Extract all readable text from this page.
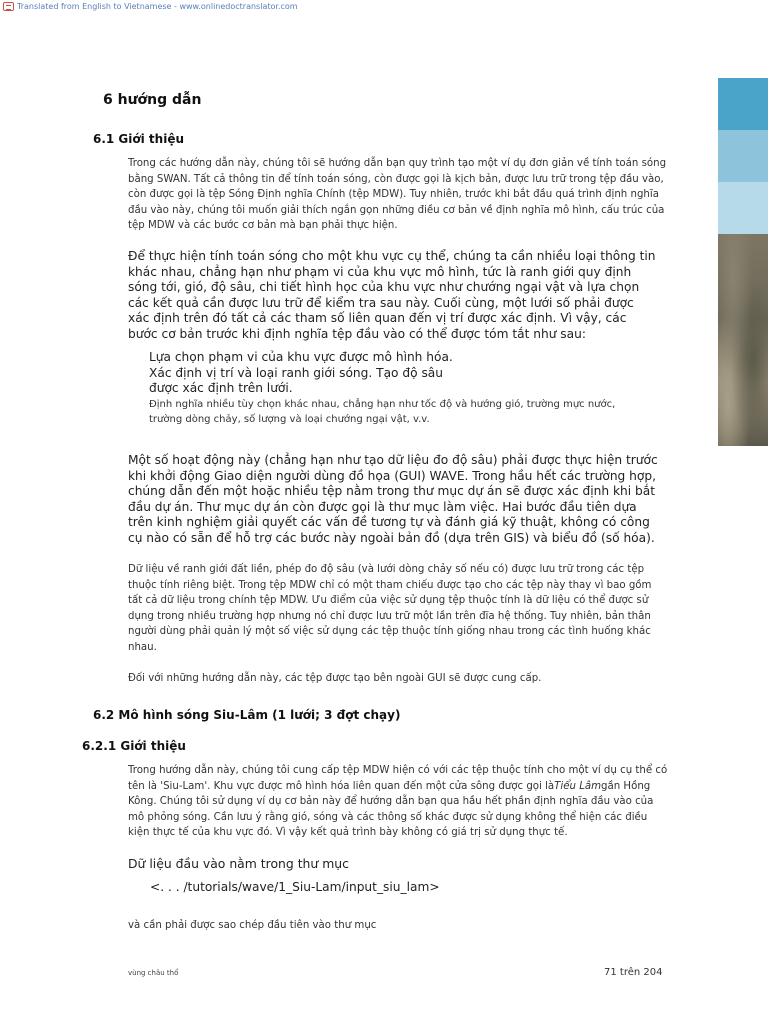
Translated from English to Vietnamese - www.onlinedoctranslator.com
6 hướng dẫn
6.1 Giới thiệu
Trong các hướng dẫn này, chúng tôi sẽ hướng dẫn bạn quy trình tạo một ví dụ đơn giản về tính toán sóng bằng SWAN. Tất cả thông tin để tính toán sóng, còn được gọi là kịch bản, được lưu trữ trong tệp đầu vào, còn được gọi là tệp Sóng Định nghĩa Chính (tệp MDW). Tuy nhiên, trước khi bắt đầu quá trình định nghĩa đầu vào này, chúng tôi muốn giải thích ngắn gọn những điều cơ bản về định nghĩa mô hình, cấu trúc của tệp MDW và các bước cơ bản mà bạn phải thực hiện.
Để thực hiện tính toán sóng cho một khu vực cụ thể, chúng ta cần nhiều loại thông tin khác nhau, chẳng hạn như phạm vi của khu vực mô hình, tức là ranh giới quy định sóng tới, gió, độ sâu, chi tiết hình học của khu vực như chướng ngại vật và lựa chọn các kết quả cần được lưu trữ để kiểm tra sau này. Cuối cùng, một lưới số phải được xác định trên đó tất cả các tham số liên quan đến vị trí được xác định. Vì vậy, các bước cơ bản trước khi định nghĩa tệp đầu vào có thể được tóm tắt như sau:
Lựa chọn phạm vi của khu vực được mô hình hóa.
Xác định vị trí và loại ranh giới sóng. Tạo độ sâu
được xác định trên lưới.
Định nghĩa nhiều tùy chọn khác nhau, chẳng hạn như tốc độ và hướng gió, trường mực nước, trường dòng chảy, số lượng và loại chướng ngại vật, v.v.
Một số hoạt động này (chẳng hạn như tạo dữ liệu đo độ sâu) phải được thực hiện trước khi khởi động Giao diện người dùng đồ họa (GUI) WAVE. Trong hầu hết các trường hợp, chúng dẫn đến một hoặc nhiều tệp nằm trong thư mục dự án sẽ được xác định khi bắt đầu dự án. Thư mục dự án còn được gọi là thư mục làm việc. Hai bước đầu tiên dựa trên kinh nghiệm giải quyết các vấn đề tương tự và đánh giá kỹ thuật, không có công cụ nào có sẵn để hỗ trợ các bước này ngoài bản đồ (dựa trên GIS) và biểu đồ (số hóa).
Dữ liệu về ranh giới đất liền, phép đo độ sâu (và lưới dòng chảy số nếu có) được lưu trữ trong các tệp thuộc tính riêng biệt. Trong tệp MDW chỉ có một tham chiếu được tạo cho các tệp này thay vì bao gồm tất cả dữ liệu trong chính tệp MDW. Ưu điểm của việc sử dụng tệp thuộc tính là dữ liệu có thể được sử dụng trong nhiều trường hợp nhưng nó chỉ được lưu trữ một lần trên đĩa hệ thống. Tuy nhiên, bản thân người dùng phải quản lý một số việc sử dụng các tệp thuộc tính giống nhau trong các tình huống khác nhau.
Đối với những hướng dẫn này, các tệp được tạo bên ngoài GUI sẽ được cung cấp.
6.2 Mô hình sóng Siu-Lâm (1 lưới; 3 đợt chạy)
6.2.1 Giới thiệu
Trong hướng dẫn này, chúng tôi cung cấp tệp MDW hiện có với các tệp thuộc tính cho một ví dụ cụ thể có tên là 'Siu-Lam'. Khu vực được mô hình hóa liên quan đến một cửa sông được gọi làTiểu Lâmgần Hồng Kông. Chúng tôi sử dụng ví dụ cơ bản này để hướng dẫn bạn qua hầu hết phần định nghĩa đầu vào của mô phỏng sóng. Cần lưu ý rằng gió, sóng và các thông số khác được sử dụng không thể hiện các điều kiện thực tế của khu vực đó. Vì vậy kết quả trình bày không có giá trị sử dụng thực tế.
Dữ liệu đầu vào nằm trong thư mục
<. . . /tutorials/wave/1_Siu-Lam/input_siu_lam>
và cần phải được sao chép đầu tiên vào thư mục
vùng châu thổ	71 trên 204
